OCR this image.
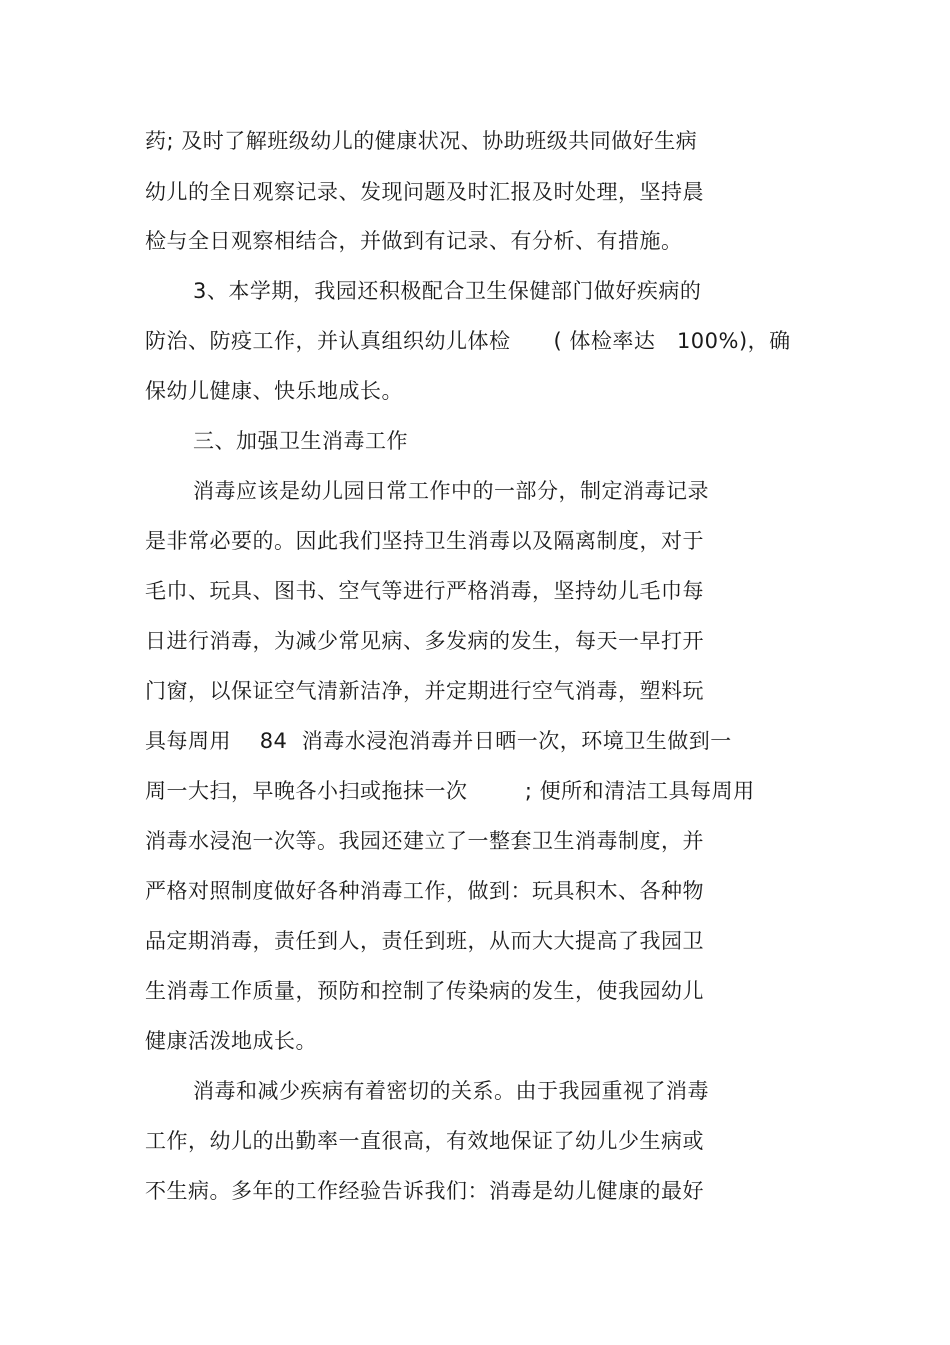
药; 及时了解班级幼儿的健康状况、协助班级共同做好生病
幼儿的全日观察记录、发现问题及时汇报及时处理，坚持晨
检与全日观察相结合，并做到有记录、有分析、有措施。
3、本学期，我园还积极配合卫生保健部门做好疾病的
防治、防疫工作，并认真组织幼儿体检      ( 体检率达   100%)，确
保幼儿健康、快乐地成长。
三、加强卫生消毒工作
消毒应该是幼儿园日常工作中的一部分，制定消毒记录
是非常必要的。因此我们坚持卫生消毒以及隔离制度，对于
毛巾、玩具、图书、空气等进行严格消毒，坚持幼儿毛巾每
日进行消毒，为减少常见病、多发病的发生，每天一早打开
门窗，以保证空气清新洁净，并定期进行空气消毒，塑料玩
具每周用    84  消毒水浸泡消毒并日晒一次，环境卫生做到一
周一大扫，早晚各小扫或拖抹一次        ; 便所和清洁工具每周用
消毒水浸泡一次等。我园还建立了一整套卫生消毒制度，并
严格对照制度做好各种消毒工作，做到：玩具积木、各种物
品定期消毒，责任到人，责任到班，从而大大提高了我园卫
生消毒工作质量，预防和控制了传染病的发生，使我园幼儿
健康活泼地成长。
消毒和减少疾病有着密切的关系。由于我园重视了消毒
工作，幼儿的出勤率一直很高，有效地保证了幼儿少生病或
不生病。多年的工作经验告诉我们：消毒是幼儿健康的最好
